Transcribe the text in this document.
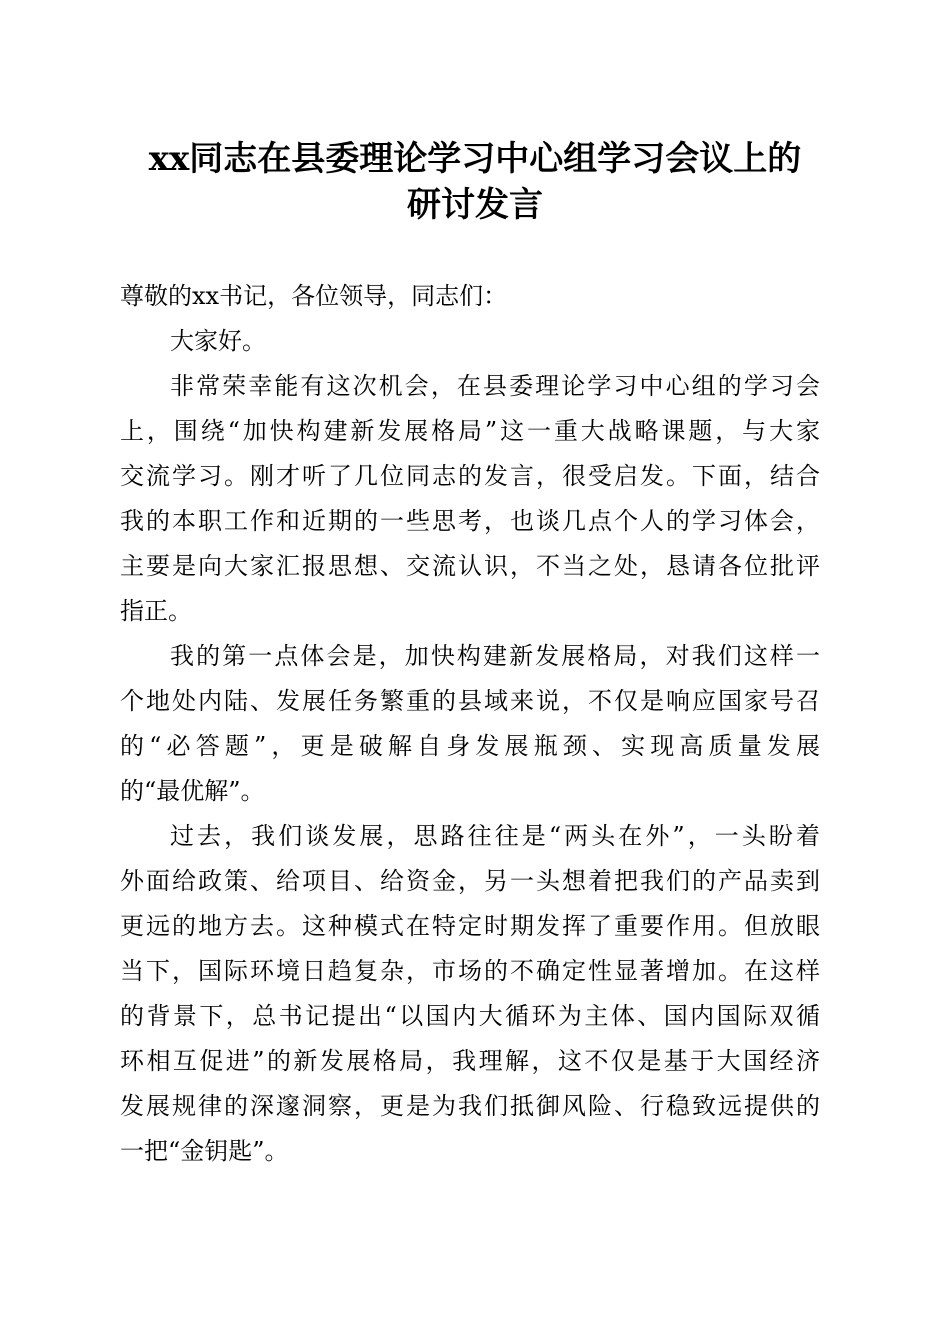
xx同志在县委理论学习中心组学习会议上的
研讨发言
尊敬的xx书记，各位领导，同志们：
大家好。
非常荣幸能有这次机会，在县委理论学习中心组的学习会
上，围绕“加快构建新发展格局”这一重大战略课题，与大家
交流学习。刚才听了几位同志的发言，很受启发。下面，结合
我的本职工作和近期的一些思考，也谈几点个人的学习体会，
主要是向大家汇报思想、交流认识，不当之处，恳请各位批评
指正。
我的第一点体会是，加快构建新发展格局，对我们这样一
个地处内陆、发展任务繁重的县域来说，不仅是响应国家号召
的“必答题”，更是破解自身发展瓶颈、实现高质量发展
的“最优解”。
过去，我们谈发展，思路往往是“两头在外”，一头盼着
外面给政策、给项目、给资金，另一头想着把我们的产品卖到
更远的地方去。这种模式在特定时期发挥了重要作用。但放眼
当下，国际环境日趋复杂，市场的不确定性显著增加。在这样
的背景下，总书记提出“以国内大循环为主体、国内国际双循
环相互促进”的新发展格局，我理解，这不仅是基于大国经济
发展规律的深邃洞察，更是为我们抵御风险、行稳致远提供的
一把“金钥匙”。
